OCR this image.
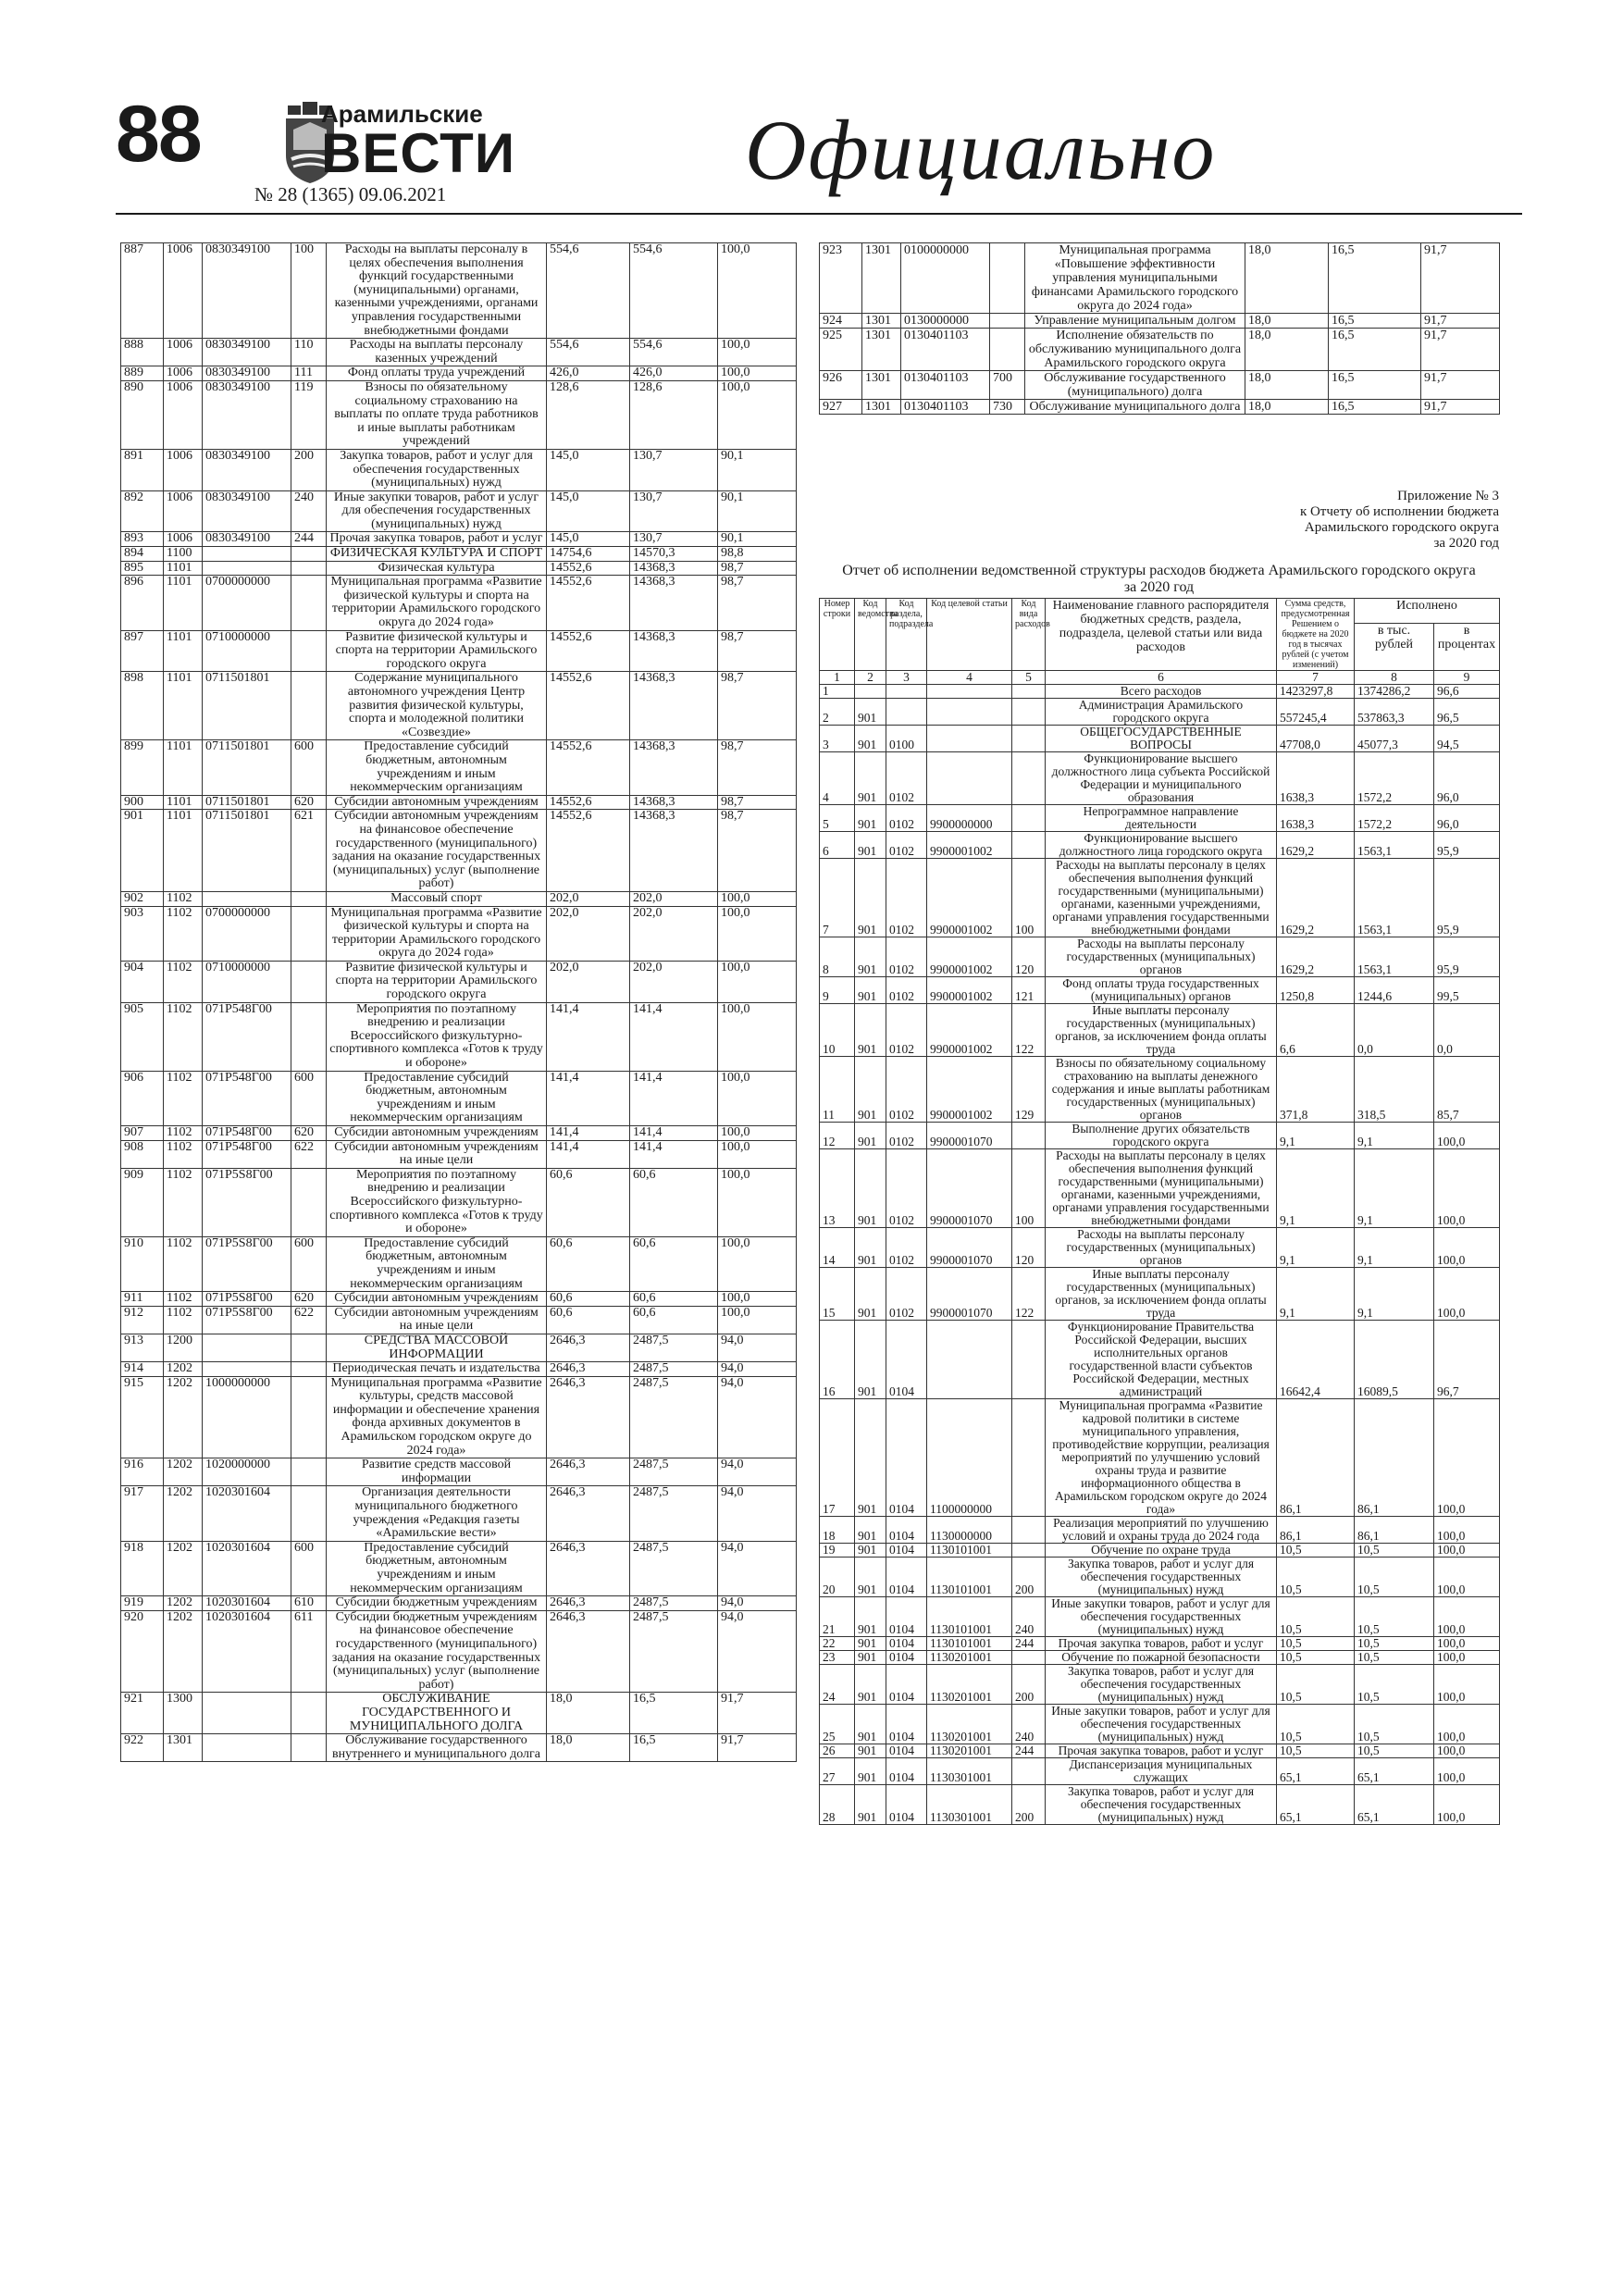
88	Арамильские
ВЕСТИ
№ 28 (1365) 09.06.2021	Официально
887	1006	0830349100	100	Расходы на выплаты персоналу в целях обеспечения выполнения функций государственными (муниципальными) органами, казенными учреждениями, органами управления государственными внебюджетными фондами	554,6	554,6	100,0
888	1006	0830349100	110	Расходы на выплаты персоналу казенных учреждений	554,6	554,6	100,0
889	1006	0830349100	111	Фонд оплаты труда учреждений	426,0	426,0	100,0
890	1006	0830349100	119	Взносы по обязательному социальному страхованию на выплаты по оплате труда работников и иные выплаты работникам учреждений	128,6	128,6	100,0
891	1006	0830349100	200	Закупка товаров, работ и услуг для обеспечения государственных (муниципальных) нужд	145,0	130,7	90,1
892	1006	0830349100	240	Иные закупки товаров, работ и услуг для обеспечения государственных (муниципальных) нужд	145,0	130,7	90,1
893	1006	0830349100	244	Прочая закупка товаров, работ и услуг	145,0	130,7	90,1
894	1100			ФИЗИЧЕСКАЯ КУЛЬТУРА И СПОРТ	14754,6	14570,3	98,8
895	1101			Физическая культура	14552,6	14368,3	98,7
896	1101	0700000000		Муниципальная программа «Развитие физической культуры и спорта на территории Арамильского городского округа до 2024 года»	14552,6	14368,3	98,7
897	1101	0710000000		Развитие физической культуры и спорта на территории Арамильского городского округа	14552,6	14368,3	98,7
898	1101	0711501801		Содержание муниципального автономного учреждения Центр развития физической культуры, спорта и молодежной политики «Созвездие»	14552,6	14368,3	98,7
899	1101	0711501801	600	Предоставление субсидий бюджетным, автономным учреждениям и иным некоммерческим организациям	14552,6	14368,3	98,7
900	1101	0711501801	620	Субсидии автономным учреждениям	14552,6	14368,3	98,7
901	1101	0711501801	621	Субсидии автономным учреждениям на финансовое обеспечение государственного (муниципального) задания на оказание государственных (муниципальных) услуг (выполнение работ)	14552,6	14368,3	98,7
902	1102			Массовый спорт	202,0	202,0	100,0
903	1102	0700000000		Муниципальная программа «Развитие физической культуры и спорта на территории Арамильского городского округа до 2024 года»	202,0	202,0	100,0
904	1102	0710000000		Развитие физической культуры и спорта на территории Арамильского городского округа	202,0	202,0	100,0
905	1102	071P548Г00		Мероприятия по поэтапному внедрению и реализации Всероссийского физкультурно-спортивного комплекса «Готов к труду и обороне»	141,4	141,4	100,0
906	1102	071P548Г00	600	Предоставление субсидий бюджетным, автономным учреждениям и иным некоммерческим организациям	141,4	141,4	100,0
907	1102	071P548Г00	620	Субсидии автономным учреждениям	141,4	141,4	100,0
908	1102	071P548Г00	622	Субсидии автономным учреждениям на иные цели	141,4	141,4	100,0
909	1102	071P5S8Г00		Мероприятия по поэтапному внедрению и реализации Всероссийского физкультурно-спортивного комплекса «Готов к труду и обороне»	60,6	60,6	100,0
910	1102	071P5S8Г00	600	Предоставление субсидий бюджетным, автономным учреждениям и иным некоммерческим организациям	60,6	60,6	100,0
911	1102	071P5S8Г00	620	Субсидии автономным учреждениям	60,6	60,6	100,0
912	1102	071P5S8Г00	622	Субсидии автономным учреждениям на иные цели	60,6	60,6	100,0
913	1200			СРЕДСТВА МАССОВОЙ ИНФОРМАЦИИ	2646,3	2487,5	94,0
914	1202			Периодическая печать и издательства	2646,3	2487,5	94,0
915	1202	1000000000		Муниципальная программа «Развитие культуры, средств массовой информации и обеспечение хранения фонда архивных документов в Арамильском городском округе до 2024 года»	2646,3	2487,5	94,0
916	1202	1020000000		Развитие средств массовой информации	2646,3	2487,5	94,0
917	1202	1020301604		Организация деятельности муниципального бюджетного учреждения «Редакция газеты «Арамильские вести»	2646,3	2487,5	94,0
918	1202	1020301604	600	Предоставление субсидий бюджетным, автономным учреждениям и иным некоммерческим организациям	2646,3	2487,5	94,0
919	1202	1020301604	610	Субсидии бюджетным учреждениям	2646,3	2487,5	94,0
920	1202	1020301604	611	Субсидии бюджетным учреждениям на финансовое обеспечение государственного (муниципального) задания на оказание государственных (муниципальных) услуг (выполнение работ)	2646,3	2487,5	94,0
921	1300			ОБСЛУЖИВАНИЕ ГОСУДАРСТВЕННОГО И МУНИЦИПАЛЬНОГО ДОЛГА	18,0	16,5	91,7
922	1301			Обслуживание государственного внутреннего и муниципального долга	18,0	16,5	91,7
923	1301	0100000000		Муниципальная программа «Повышение эффективности управления муниципальными финансами Арамильского городского округа до 2024 года»	18,0	16,5	91,7
924	1301	0130000000		Управление муниципальным долгом	18,0	16,5	91,7
925	1301	0130401103		Исполнение обязательств по обслуживанию муниципального долга Арамильского городского округа	18,0	16,5	91,7
926	1301	0130401103	700	Обслуживание государственного (муниципального) долга	18,0	16,5	91,7
927	1301	0130401103	730	Обслуживание муниципального долга	18,0	16,5	91,7
Приложение № 3
к Отчету об исполнении бюджета
Арамильского городского округа
за 2020 год
Отчет об исполнении ведомственной структуры расходов бюджета Арамильского городского округа
за 2020 год
Номер строки	Код ведомства	Код раздела, подраздела	Код целевой статьи	Код вида расходов	Наименование главного распорядителя бюджетных средств, раздела, подраздела, целевой статьи или вида расходов	Сумма средств, предусмотренная Решением о бюджете на 2020 год в тысячах рублей (с учетом изменений)	Исполнено	
							в тыс. рублей	в процентах
1	2	3	4	5	6	7	8	9
1					Всего расходов	1423297,8	1374286,2	96,6
2	901				Администрация Арамильского городского округа	557245,4	537863,3	96,5
3	901	0100			ОБЩЕГОСУДАРСТВЕННЫЕ ВОПРОСЫ	47708,0	45077,3	94,5
4	901	0102			Функционирование высшего должностного лица субъекта Российской Федерации и муниципального образования	1638,3	1572,2	96,0
5	901	0102	9900000000		Непрограммное направление деятельности	1638,3	1572,2	96,0
6	901	0102	9900001002		Функционирование высшего должностного лица городского округа	1629,2	1563,1	95,9
7	901	0102	9900001002	100	Расходы на выплаты персоналу в целях обеспечения выполнения функций государственными (муниципальными) органами, казенными учреждениями, органами управления государственными внебюджетными фондами	1629,2	1563,1	95,9
8	901	0102	9900001002	120	Расходы на выплаты персоналу государственных (муниципальных) органов	1629,2	1563,1	95,9
9	901	0102	9900001002	121	Фонд оплаты труда государственных (муниципальных) органов	1250,8	1244,6	99,5
10	901	0102	9900001002	122	Иные выплаты персоналу государственных (муниципальных) органов, за исключением фонда оплаты труда	6,6	0,0	0,0
11	901	0102	9900001002	129	Взносы по обязательному социальному страхованию на выплаты денежного содержания и иные выплаты работникам государственных (муниципальных) органов	371,8	318,5	85,7
12	901	0102	9900001070		Выполнение других обязательств городского округа	9,1	9,1	100,0
13	901	0102	9900001070	100	Расходы на выплаты персоналу в целях обеспечения выполнения функций государственными (муниципальными) органами, казенными учреждениями, органами управления государственными внебюджетными фондами	9,1	9,1	100,0
14	901	0102	9900001070	120	Расходы на выплаты персоналу государственных (муниципальных) органов	9,1	9,1	100,0
15	901	0102	9900001070	122	Иные выплаты персоналу государственных (муниципальных) органов, за исключением фонда оплаты труда	9,1	9,1	100,0
16	901	0104			Функционирование Правительства Российской Федерации, высших исполнительных органов государственной власти субъектов Российской Федерации, местных администраций	16642,4	16089,5	96,7
17	901	0104	1100000000		Муниципальная программа «Развитие кадровой политики в системе муниципального управления, противодействие коррупции, реализация мероприятий по улучшению условий охраны труда и развитие информационного общества в Арамильском городском округе до 2024 года»	86,1	86,1	100,0
18	901	0104	1130000000		Реализация мероприятий по улучшению условий и охраны труда до 2024 года	86,1	86,1	100,0
19	901	0104	1130101001		Обучение по охране труда	10,5	10,5	100,0
20	901	0104	1130101001	200	Закупка товаров, работ и услуг для обеспечения государственных (муниципальных) нужд	10,5	10,5	100,0
21	901	0104	1130101001	240	Иные закупки товаров, работ и услуг для обеспечения государственных (муниципальных) нужд	10,5	10,5	100,0
22	901	0104	1130101001	244	Прочая закупка товаров, работ и услуг	10,5	10,5	100,0
23	901	0104	1130201001		Обучение по пожарной безопасности	10,5	10,5	100,0
24	901	0104	1130201001	200	Закупка товаров, работ и услуг для обеспечения государственных (муниципальных) нужд	10,5	10,5	100,0
25	901	0104	1130201001	240	Иные закупки товаров, работ и услуг для обеспечения государственных (муниципальных) нужд	10,5	10,5	100,0
26	901	0104	1130201001	244	Прочая закупка товаров, работ и услуг	10,5	10,5	100,0
27	901	0104	1130301001		Диспансеризация муниципальных служащих	65,1	65,1	100,0
28	901	0104	1130301001	200	Закупка товаров, работ и услуг для обеспечения государственных (муниципальных) нужд	65,1	65,1	100,0
